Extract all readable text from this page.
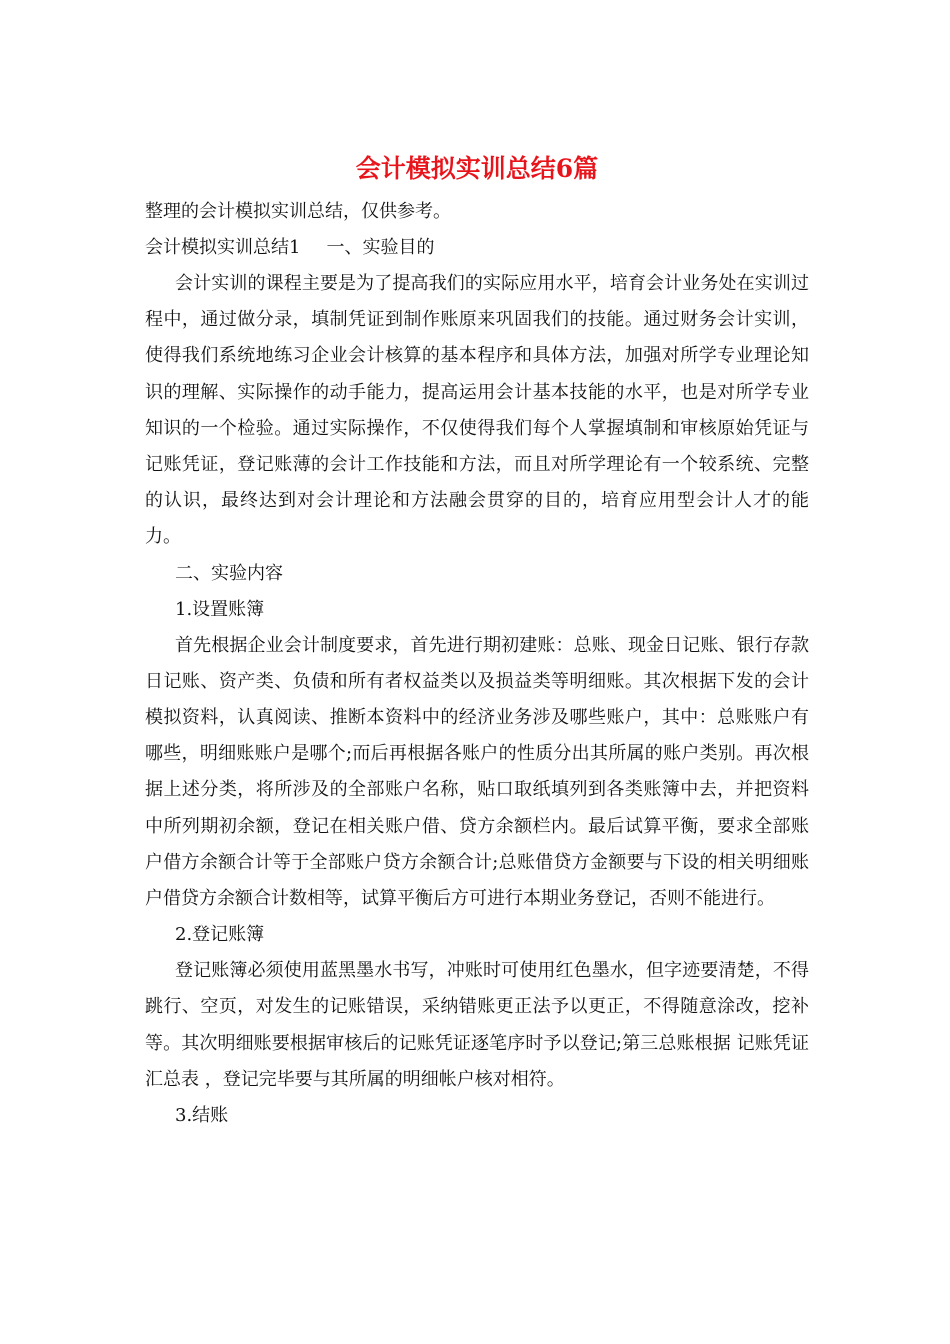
会计模拟实训总结6篇

整理的会计模拟实训总结，仅供参考。

会计模拟实训总结1 一、实验目的

会计实训的课程主要是为了提高我们的实际应用水平，培育会计业务处在实训过程中，通过做分录，填制凭证到制作账原来巩固我们的技能。通过财务会计实训，使得我们系统地练习企业会计核算的基本程序和具体方法，加强对所学专业理论知识的理解、实际操作的动手能力，提高运用会计基本技能的水平，也是对所学专业知识的一个检验。通过实际操作，不仅使得我们每个人掌握填制和审核原始凭证与记账凭证，登记账薄的会计工作技能和方法，而且对所学理论有一个较系统、完整的认识，最终达到对会计理论和方法融会贯穿的目的，培育应用型会计人才的能力。

二、实验内容

1.设置账簿

首先根据企业会计制度要求，首先进行期初建账：总账、现金日记账、银行存款日记账、资产类、负债和所有者权益类以及损益类等明细账。其次根据下发的会计模拟资料，认真阅读、推断本资料中的经济业务涉及哪些账户，其中：总账账户有哪些，明细账账户是哪个;而后再根据各账户的性质分出其所属的账户类别。再次根据上述分类，将所涉及的全部账户名称，贴口取纸填列到各类账簿中去，并把资料中所列期初余额，登记在相关账户借、贷方余额栏内。最后试算平衡，要求全部账户借方余额合计等于全部账户贷方余额合计;总账借贷方金额要与下设的相关明细账户借贷方余额合计数相等，试算平衡后方可进行本期业务登记，否则不能进行。

2.登记账簿

登记账簿必须使用蓝黑墨水书写，冲账时可使用红色墨水，但字迹要清楚，不得跳行、空页，对发生的记账错误，采纳错账更正法予以更正，不得随意涂改，挖补等。其次明细账要根据审核后的记账凭证逐笔序时予以登记;第三总账根据 记账凭证汇总表 ，登记完毕要与其所属的明细帐户核对相符。

3.结账
